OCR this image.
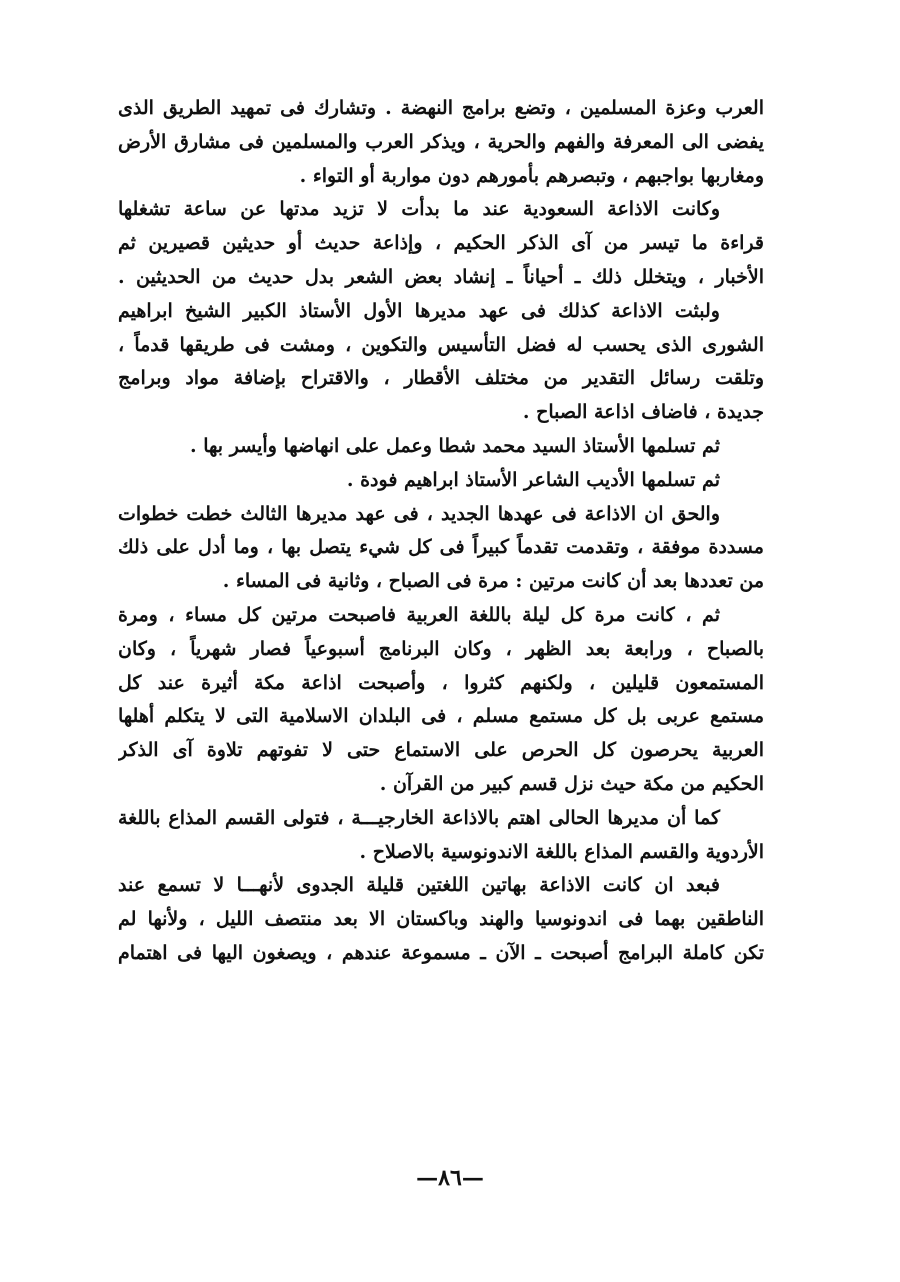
العرب وعزة المسلمين ، وتضع برامج النهضة . وتشارك فى تمهيد الطريق الذى
يفضى الى المعرفة والفهم والحرية ، ويذكر العرب والمسلمين فى مشارق الأرض
ومغاربها بواجبهم ، وتبصرهم بأمورهم دون مواربة أو التواء .
وكانت الاذاعة السعودية عند ما بدأت لا تزيد مدتها عن ساعة تشغلها
قراءة ما تيسر من آى الذكر الحكيم ، وإذاعة حديث أو حديثين قصيرين ثم
الأخبار ، ويتخلل ذلك ـ أحياناً ـ إنشاد بعض الشعر بدل حديث من الحديثين .
ولبثت الاذاعة كذلك فى عهد مديرها الأول الأستاذ الكبير الشيخ ابراهيم
الشورى الذى يحسب له فضل التأسيس والتكوين ، ومشت فى طريقها قدماً ،
وتلقت رسائل التقدير من مختلف الأقطار ، والاقتراح بإضافة مواد وبرامج
جديدة ، فاضاف اذاعة الصباح .
ثم تسلمها الأستاذ السيد محمد شطا وعمل على انهاضها وأيسر بها .
ثم تسلمها الأديب الشاعر الأستاذ ابراهيم فودة .
والحق ان الاذاعة فى عهدها الجديد ، فى عهد مديرها الثالث خطت خطوات
مسددة موفقة ، وتقدمت تقدماً كبيراً فى كل شيء يتصل بها ، وما أدل على ذلك
من تعددها بعد أن كانت مرتين : مرة فى الصباح ، وثانية فى المساء .
ثم ، كانت مرة كل ليلة باللغة العربية فاصبحت مرتين كل مساء ، ومرة
بالصباح ، ورابعة بعد الظهر ، وكان البرنامج أسبوعياً فصار شهرياً ، وكان
المستمعون قليلين ، ولكنهم كثروا ، وأصبحت اذاعة مكة أثيرة عند كل
مستمع عربى بل كل مستمع مسلم ، فى البلدان الاسلامية التى لا يتكلم أهلها
العربية يحرصون كل الحرص على الاستماع حتى لا تفوتهم تلاوة آى الذكر
الحكيم من مكة حيث نزل قسم كبير من القرآن .
كما أن مديرها الحالى اهتم بالاذاعة الخارجيـــة ، فتولى القسم المذاع باللغة
الأردوية والقسم المذاع باللغة الاندونوسية بالاصلاح .
فبعد ان كانت الاذاعة بهاتين اللغتين قليلة الجدوى لأنهـــا لا تسمع عند
الناطقين بهما فى اندونوسيا والهند وباكستان الا بعد منتصف الليل ، ولأنها لم
تكن كاملة البرامج أصبحت ـ الآن ـ مسموعة عندهم ، ويصغون اليها فى اهتمام
—٨٦—
